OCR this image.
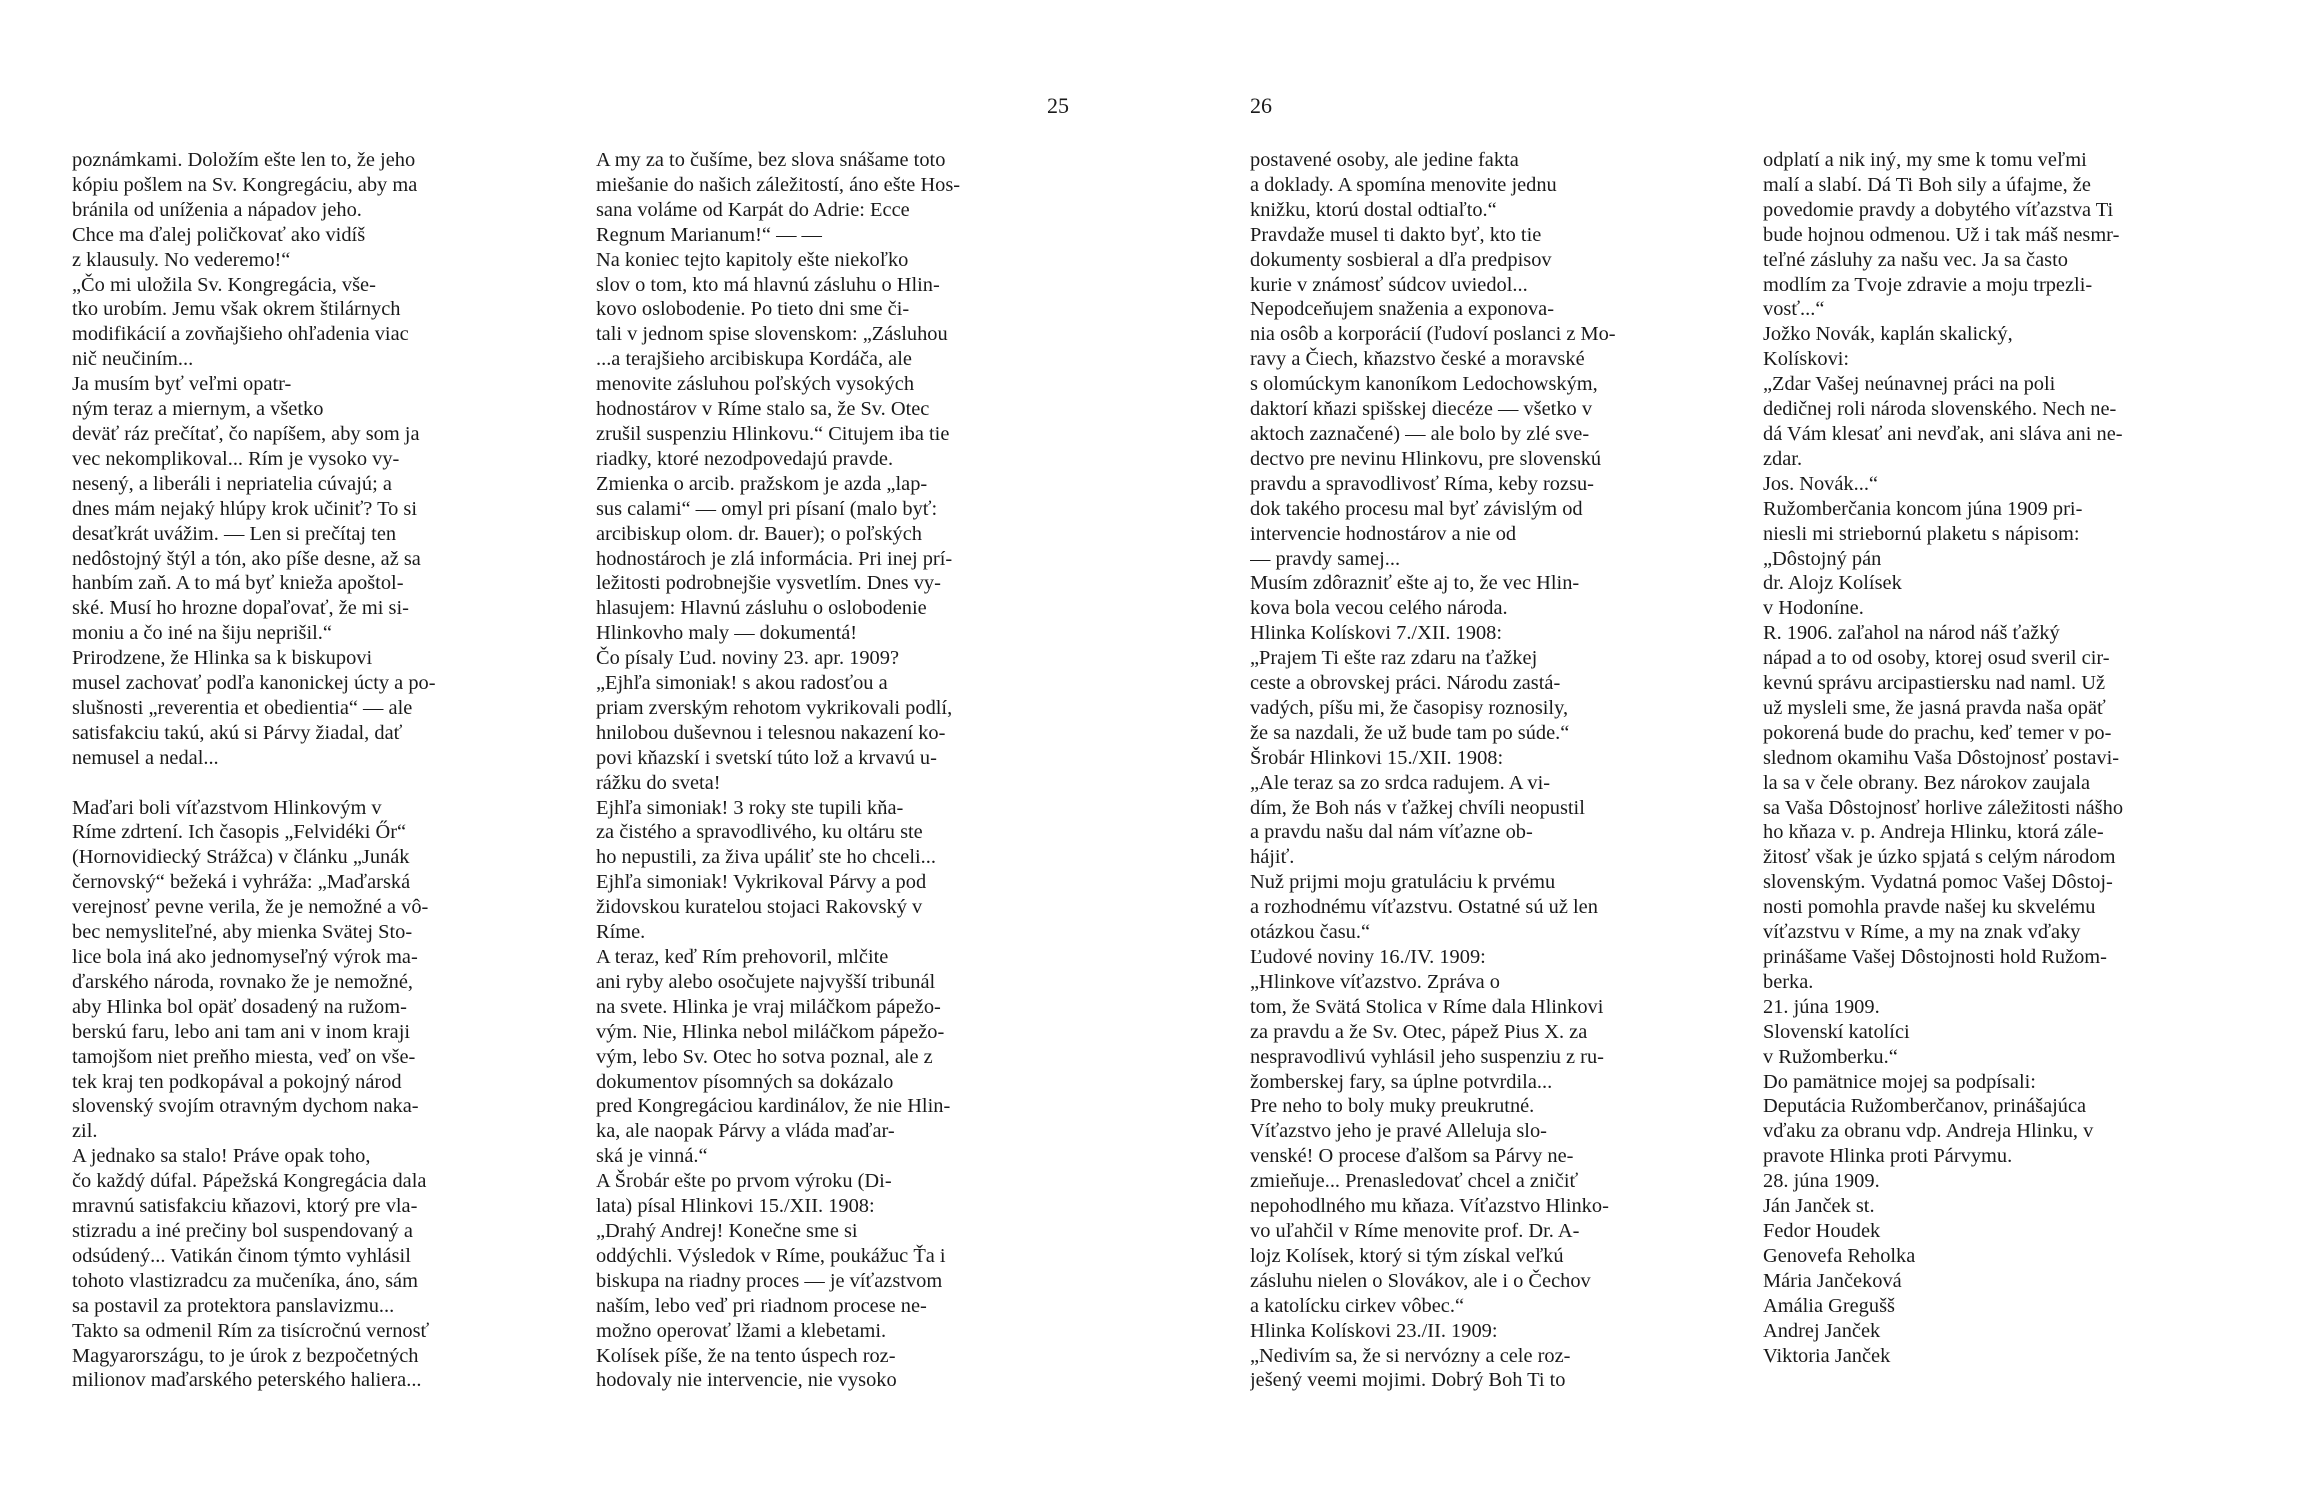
25

poznámkami. Doložím ešte len to, že jeho

kópiu pošlem na Sv. Kongregáciu, aby ma

bránila od uníženia a nápadov jeho.

Chce ma ďalej poličkovať ako vidíš

z klausuly. No vederemo!“

„Čo mi uložila Sv. Kongregácia, vše-

tko urobím. Jemu však okrem štilárnych

modifikácií a zovňajšieho ohľadenia viac

nič neučiním...

Ja musím byť veľmi opatr-

ným teraz a miernym, a všetko

deväť ráz prečítať, čo napíšem, aby som ja

vec nekomplikoval... Rím je vysoko vy-

nesený, a liberáli i nepriatelia cúvajú; a

dnes mám nejaký hlúpy krok učiniť? To si

desaťkrát uvážim. — Len si prečítaj ten

nedôstojný štýl a tón, ako píše desne, až sa

hanbím zaň. A to má byť knieža apoštol-

ské. Musí ho hrozne dopaľovať, že mi si-

moniu a čo iné na šiju neprišil.“

Prirodzene, že Hlinka sa k biskupovi

musel zachovať podľa kanonickej úcty a po-

slušnosti „reverentia et obedientia“ — ale

satisfakciu takú, akú si Párvy žiadal, dať

nemusel a nedal...

Maďari boli víťazstvom Hlinkovým v

Ríme zdrtení. Ich časopis „Felvidéki Őr“

(Hornovidiecký Strážca) v článku „Junák

černovský“ bežeká i vyhráža: „Maďarská

verejnosť pevne verila, že je nemožné a vô-

bec nemysliteľné, aby mienka Svätej Sto-

lice bola iná ako jednomyseľný výrok ma-

ďarského národa, rovnako že je nemožné,

aby Hlinka bol opäť dosadený na ružom-

berskú faru, lebo ani tam ani v inom kraji

tamojšom niet preňho miesta, veď on vše-

tek kraj ten podkopával a pokojný národ

slovenský svojím otravným dychom naka-

zil.

A jednako sa stalo! Práve opak toho,

čo každý dúfal. Pápežská Kongregácia dala

mravnú satisfakciu kňazovi, ktorý pre vla-

stizradu a iné prečiny bol suspendovaný a

odsúdený... Vatikán činom týmto vyhlásil

tohoto vlastizradcu za mučeníka, áno, sám

sa postavil za protektora panslavizmu...

Takto sa odmenil Rím za tisícročnú vernosť

Magyarországu, to je úrok z bezpočetných

milionov maďarského peterského haliera...

A my za to čušíme, bez slova snášame toto

miešanie do našich záležitostí, áno ešte Hos-

sana voláme od Karpát do Adrie: Ecce

Regnum Marianum!“ — —

Na koniec tejto kapitoly ešte niekoľko

slov o tom, kto má hlavnú zásluhu o Hlin-

kovo oslobodenie. Po tieto dni sme či-

tali v jednom spise slovenskom: „Zásluhou

...a terajšieho arcibiskupa Kordáča, ale

menovite zásluhou poľských vysokých

hodnostárov v Ríme stalo sa, že Sv. Otec

zrušil suspenziu Hlinkovu.“ Citujem iba tie

riadky, ktoré nezodpovedajú pravde.

Zmienka o arcib. pražskom je azda „lap-

sus calami“ — omyl pri písaní (malo byť:

arcibiskup olom. dr. Bauer); o poľských

hodnostároch je zlá informácia. Pri inej prí-

ležitosti podrobnejšie vysvetlím. Dnes vy-

hlasujem: Hlavnú zásluhu o oslobodenie

Hlinkovho maly — dokumentá!

Čo písaly Ľud. noviny 23. apr. 1909?

„Ejhľa simoniak! s akou radosťou a

priam zverským rehotom vykrikovali podlí,

hnilobou duševnou i telesnou nakazení ko-

povi kňazskí i svetskí túto lož a krvavú u-

rážku do sveta!

Ejhľa simoniak! 3 roky ste tupili kňa-

za čistého a spravodlivého, ku oltáru ste

ho nepustili, za živa upáliť ste ho chceli...

Ejhľa simoniak! Vykrikoval Párvy a pod

židovskou kuratelou stojaci Rakovský v

Ríme.

A teraz, keď Rím prehovoril, mlčite

ani ryby alebo osočujete najvyšší tribunál

na svete. Hlinka je vraj miláčkom pápežo-

vým. Nie, Hlinka nebol miláčkom pápežo-

vým, lebo Sv. Otec ho sotva poznal, ale z

dokumentov písomných sa dokázalo

pred Kongregáciou kardinálov, že nie Hlin-

ka, ale naopak Párvy a vláda maďar-

ská je vinná.“

A Šrobár ešte po prvom výroku (Di-

lata) písal Hlinkovi 15./XII. 1908:

„Drahý Andrej! Konečne sme si

oddýchli. Výsledok v Ríme, poukážuc Ťa i

biskupa na riadny proces — je víťazstvom

naším, lebo veď pri riadnom procese ne-

možno operovať lžami a klebetami.

Kolísek píše, že na tento úspech roz-

hodovaly nie intervencie, nie vysoko

26

postavené osoby, ale jedine fakta

a doklady. A spomína menovite jednu

knižku, ktorú dostal odtiaľto.“

Pravdaže musel ti dakto byť, kto tie

dokumenty sosbieral a dľa predpisov

kurie v známosť súdcov uviedol...

Nepodceňujem snaženia a exponova-

nia osôb a korporácií (ľudoví poslanci z Mo-

ravy a Čiech, kňazstvo české a moravské

s olomúckym kanoníkom Ledochowským,

daktorí kňazi spišskej diecéze — všetko v

aktoch zaznačené) — ale bolo by zlé sve-

dectvo pre nevinu Hlinkovu, pre slovenskú

pravdu a spravodlivosť Ríma, keby rozsu-

dok takého procesu mal byť závislým od

intervencie hodnostárov a nie od

— pravdy samej...

Musím zdôrazniť ešte aj to, že vec Hlin-

kova bola vecou celého národa.

Hlinka Kolískovi 7./XII. 1908:

„Prajem Ti ešte raz zdaru na ťažkej

ceste a obrovskej práci. Národu zastá-

vadých, píšu mi, že časopisy roznosily,

že sa nazdali, že už bude tam po súde.“

Šrobár Hlinkovi 15./XII. 1908:

„Ale teraz sa zo srdca radujem. A vi-

dím, že Boh nás v ťažkej chvíli neopustil

a pravdu našu dal nám víťazne ob-

hájiť.

Nuž prijmi moju gratuláciu k prvému

a rozhodnému víťazstvu. Ostatné sú už len

otázkou času.“

Ľudové noviny 16./IV. 1909:

„Hlinkove víťazstvo. Zprávа o

tom, že Svätá Stolica v Ríme dala Hlinkovi

za pravdu a že Sv. Otec, pápež Pius X. za

nespravodlivú vyhlásil jeho suspenziu z ru-

žomberskej fary, sa úplne potvrdila...

Pre neho to boly muky preukrutné.

Víťazstvo jeho je pravé Alleluja slo-

venské! O procese ďalšom sa Párvy ne-

zmieňuje... Prenasledovať chcel a zničiť

nepohodlného mu kňaza. Víťazstvo Hlinko-

vo uľahčil v Ríme menovite prof. Dr. A-

lojz Kolísek, ktorý si tým získal veľkú

zásluhu nielen o Slovákov, ale i o Čechov

a katolícku cirkev vôbec.“

Hlinka Kolískovi 23./II. 1909:

„Nedivím sa, že si nervózny a cele roz-

ješený veemi mojimi. Dobrý Boh Ti to

odplatí a nik iný, my sme k tomu veľmi

malí a slabí. Dá Ti Boh sily a úfajme, že

povedomie pravdy a dobytého víťazstva Ti

bude hojnou odmenou. Už i tak máš nesmr-

teľné zásluhy za našu vec. Ja sa často

modlím za Tvoje zdravie a moju trpezli-

vosť...“

Jožko Novák, kaplán skalický,

Kolískovi:

„Zdar Vašej neúnavnej práci na poli

dedičnej roli národa slovenského. Nech ne-

dá Vám klesať ani nevďak, ani sláva ani ne-

zdar.

Jos. Novák...“

Ružomberčania koncom júna 1909 pri-

niesli mi striebornú plaketu s nápisom:

„Dôstojný pán

dr. Alojz Kolísek

v Hodoníne.

R. 1906. zaľahol na národ náš ťažký

nápad a to od osoby, ktorej osud sveril cir-

kevnú správu arcipastiersku nad naml. Už

už mysleli sme, že jasná pravda naša opäť

pokorená bude do prachu, keď temer v po-

slednom okamihu Vaša Dôstojnosť postavi-

la sa v čele obrany. Bez nárokov zaujala

sa Vaša Dôstojnosť horlive záležitosti nášho

ho kňaza v. p. Andreja Hlinku, ktorá zále-

žitosť však je úzko spjatá s celým národom

slovenským. Vydatná pomoc Vašej Dôstoj-

nosti pomohla pravde našej ku skvelému

víťazstvu v Ríme, a my na znak vďaky

prinášame Vašej Dôstojnosti hold Ružom-

berka.

21. júna 1909.

Slovenskí katolíci

v Ružomberku.“

Do pamätnice mojej sa podpísali:

Deputácia Ružomberčanov, prinášajúca

vďaku za obranu vdp. Andreja Hlinku, v

pravotе Hlinka proti Párvymu.

28. júna 1909.

Ján Janček st.

Fedor Houdek

Genovefa Reholka

Mária Jančeková

Amália Gregušš

Andrej Janček

Viktoria Janček
